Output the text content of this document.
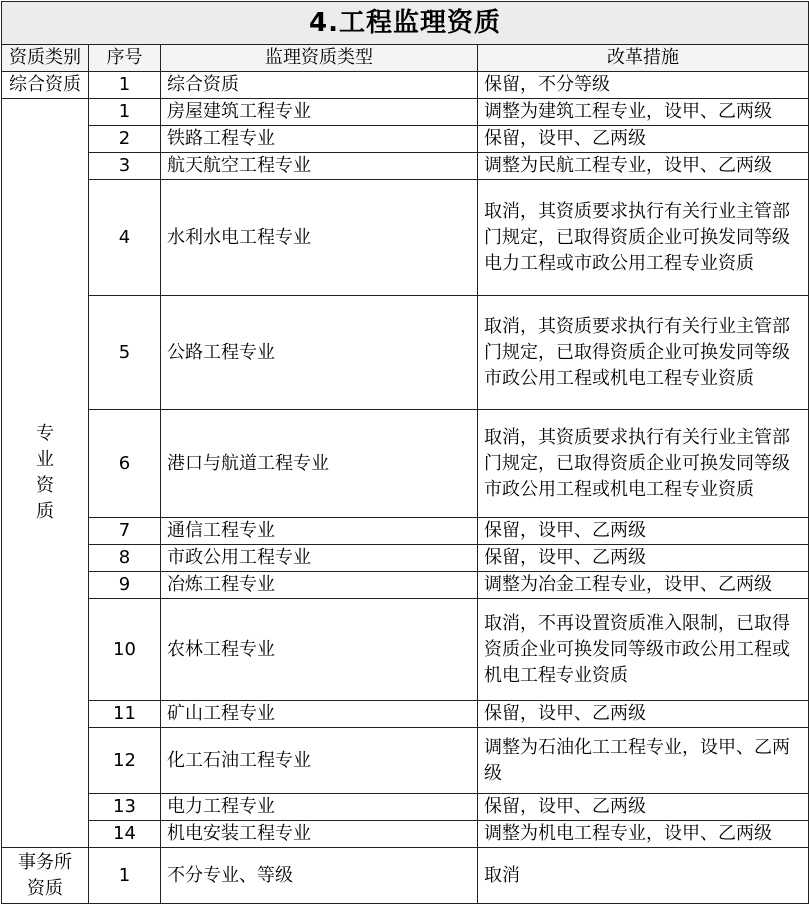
4.工程监理资质			
资质类别	序号	监理资质类型	改革措施
综合资质	1	综合资质	保留，不分等级

专
业
资
质	1	房屋建筑工程专业	调整为建筑工程专业，设甲、乙两级
	2	铁路工程专业	保留，设甲、乙两级
	3	航天航空工程专业	调整为民航工程专业，设甲、乙两级
	4	水利水电工程专业	取消，其资质要求执行有关行业主管部门规定，已取得资质企业可换发同等级电力工程或市政公用工程专业资质
	5	公路工程专业	取消，其资质要求执行有关行业主管部门规定，已取得资质企业可换发同等级市政公用工程或机电工程专业资质
	6	港口与航道工程专业	取消，其资质要求执行有关行业主管部门规定，已取得资质企业可换发同等级市政公用工程或机电工程专业资质
	7	通信工程专业	保留，设甲、乙两级
	8	市政公用工程专业	保留，设甲、乙两级
	9	冶炼工程专业	调整为冶金工程专业，设甲、乙两级
	10	农林工程专业	取消，不再设置资质准入限制，已取得资质企业可换发同等级市政公用工程或机电工程专业资质
	11	矿山工程专业	保留，设甲、乙两级
	12	化工石油工程专业	调整为石油化工工程专业，设甲、乙两级
	13	电力工程专业	保留，设甲、乙两级
	14	机电安装工程专业	调整为机电工程专业，设甲、乙两级

事务所
资质	1	不分专业、等级	取消
